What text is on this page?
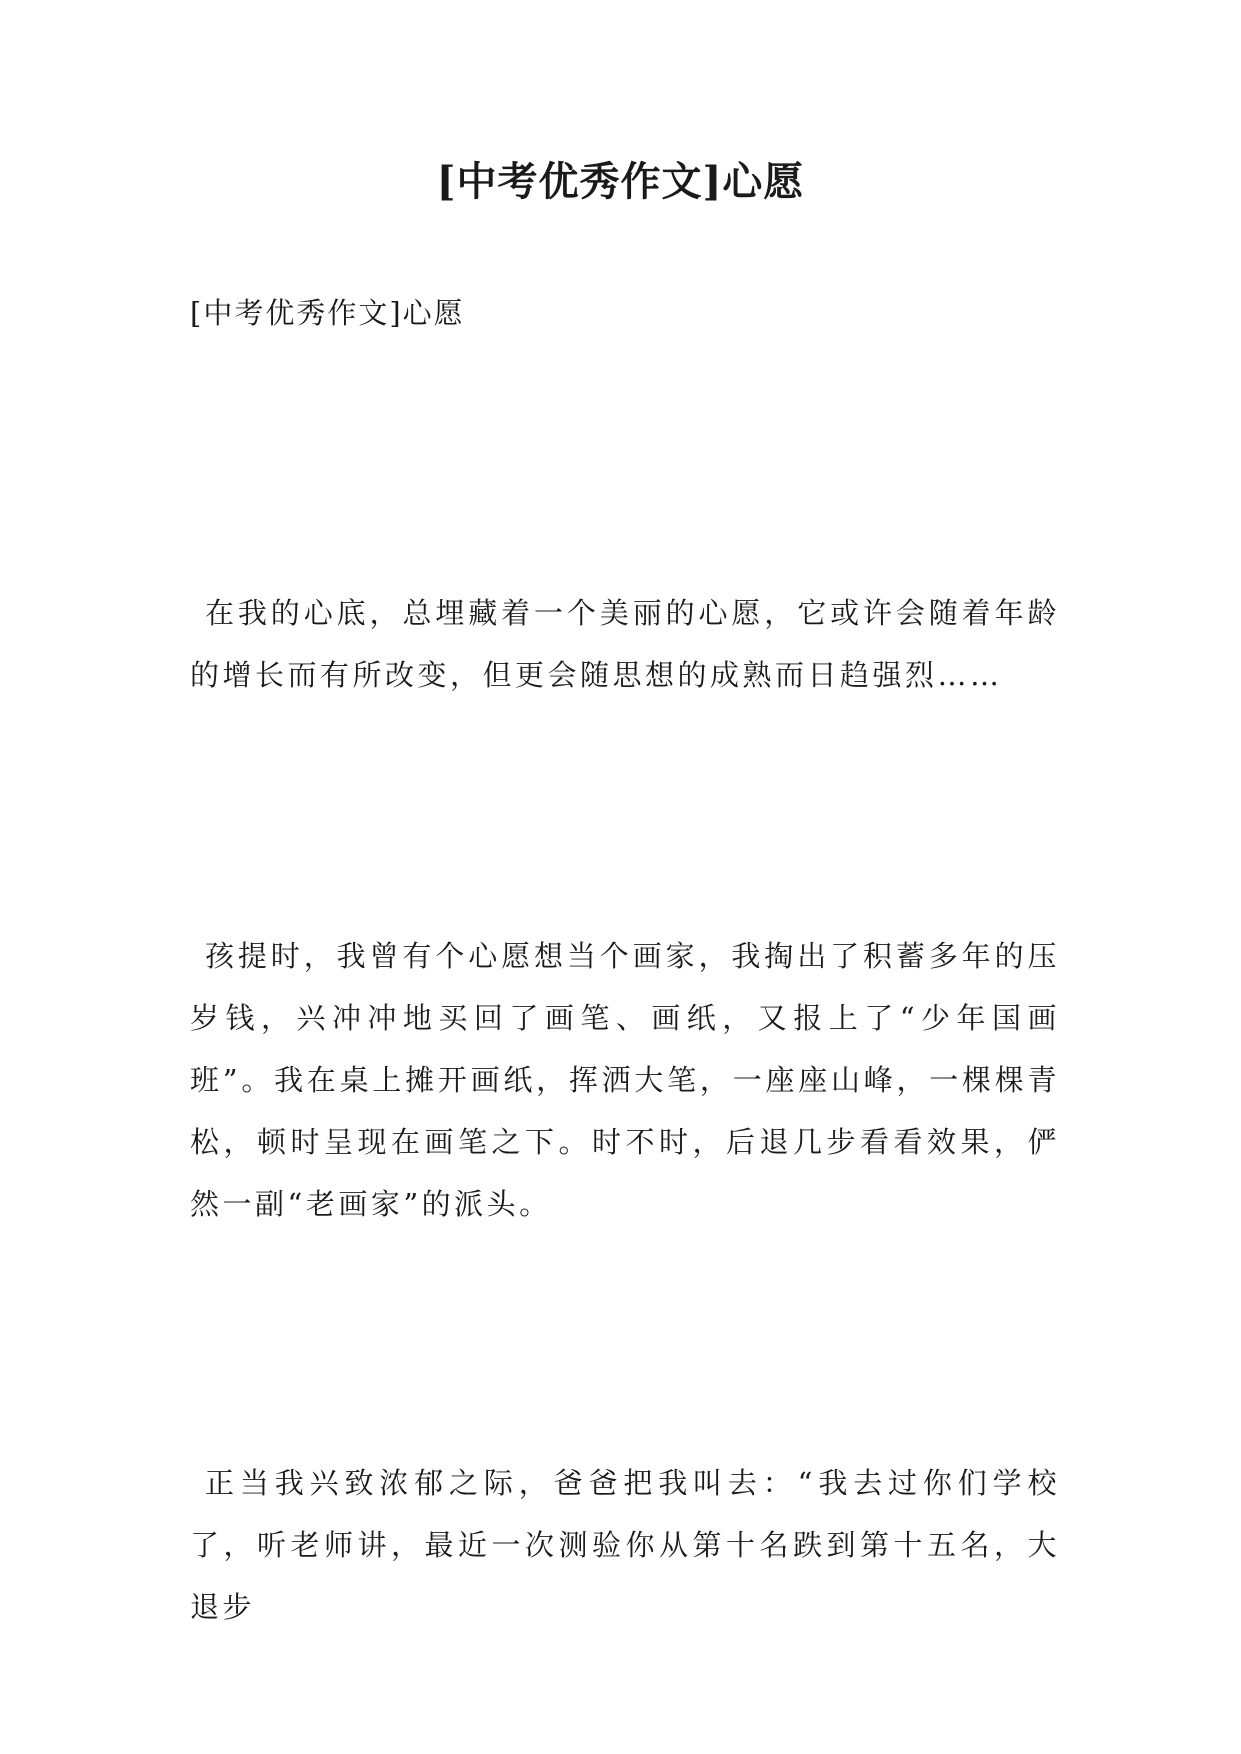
[中考优秀作文]心愿
[中考优秀作文]心愿

在我的心底，总埋藏着一个美丽的心愿，它或许会随着年龄的增长而有所改变，但更会随思想的成熟而日趋强烈……

孩提时，我曾有个心愿想当个画家，我掏出了积蓄多年的压岁钱，兴冲冲地买回了画笔、画纸，又报上了“少年国画班”。我在桌上摊开画纸，挥洒大笔，一座座山峰，一棵棵青松，顿时呈现在画笔之下。时不时，后退几步看看效果，俨然一副“老画家”的派头。

正当我兴致浓郁之际，爸爸把我叫去：“我去过你们学校了，听老师讲，最近一次测验你从第十名跌到第十五名，大退步
